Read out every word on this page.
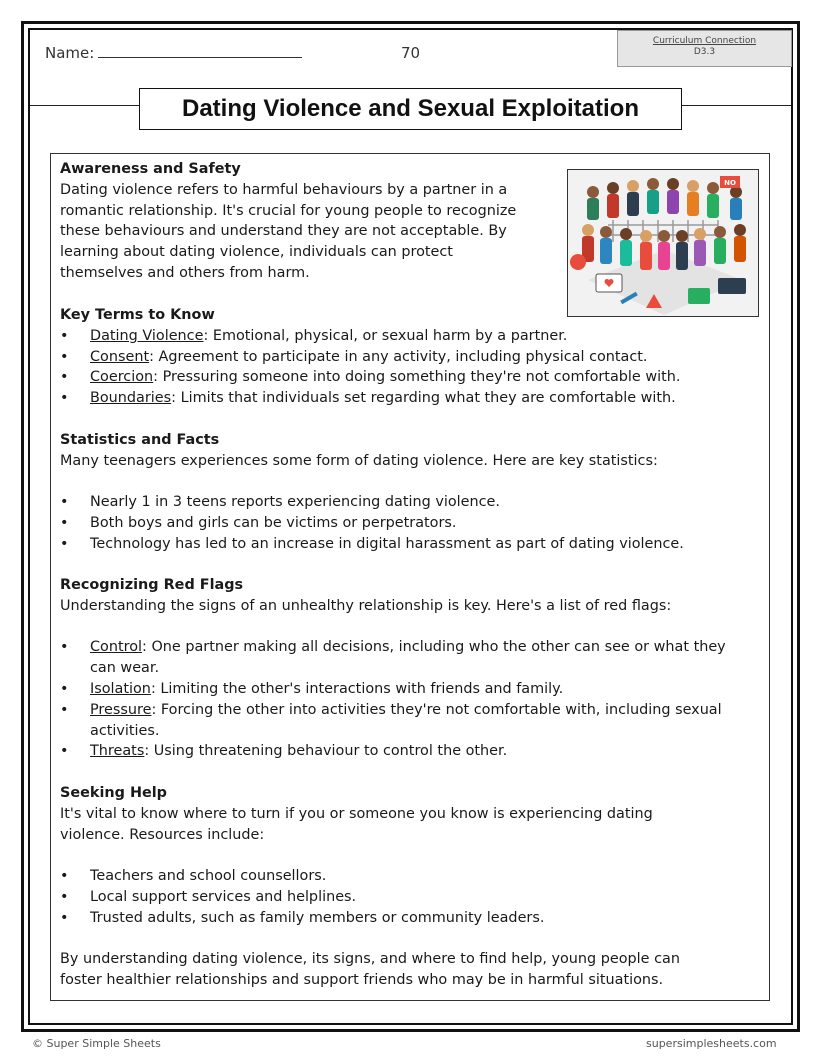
Name:	70
Curriculum Connection
D3.3
Dating Violence and Sexual Exploitation
NO
Awareness and Safety

Dating violence refers to harmful behaviours by a partner in a

romantic relationship. It's crucial for young people to recognize

these behaviours and understand they are not acceptable. By

learning about dating violence, individuals can protect

themselves and others from harm.

Key Terms to Know
• Dating Violence: Emotional, physical, or sexual harm by a partner.
• Consent: Agreement to participate in any activity, including physical contact.
• Coercion: Pressuring someone into doing something they're not comfortable with.
• Boundaries: Limits that individuals set regarding what they are comfortable with.
Statistics and Facts

Many teenagers experiences some form of dating violence. Here are key statistics:

• Nearly 1 in 3 teens reports experiencing dating violence.
• Both boys and girls can be victims or perpetrators.
• Technology has led to an increase in digital harassment as part of dating violence.
Recognizing Red Flags

Understanding the signs of an unhealthy relationship is key. Here's a list of red flags:

• Control: One partner making all decisions, including who the other can see or what they can wear.
• Isolation: Limiting the other's interactions with friends and family.
• Pressure: Forcing the other into activities they're not comfortable with, including sexual activities.
• Threats: Using threatening behaviour to control the other.
Seeking Help

It's vital to know where to turn if you or someone you know is experiencing dating

violence. Resources include:

• Teachers and school counsellors.
• Local support services and helplines.
• Trusted adults, such as family members or community leaders.

By understanding dating violence, its signs, and where to find help, young people can

foster healthier relationships and support friends who may be in harmful situations.

© Super Simple Sheets	supersimplesheets.com
